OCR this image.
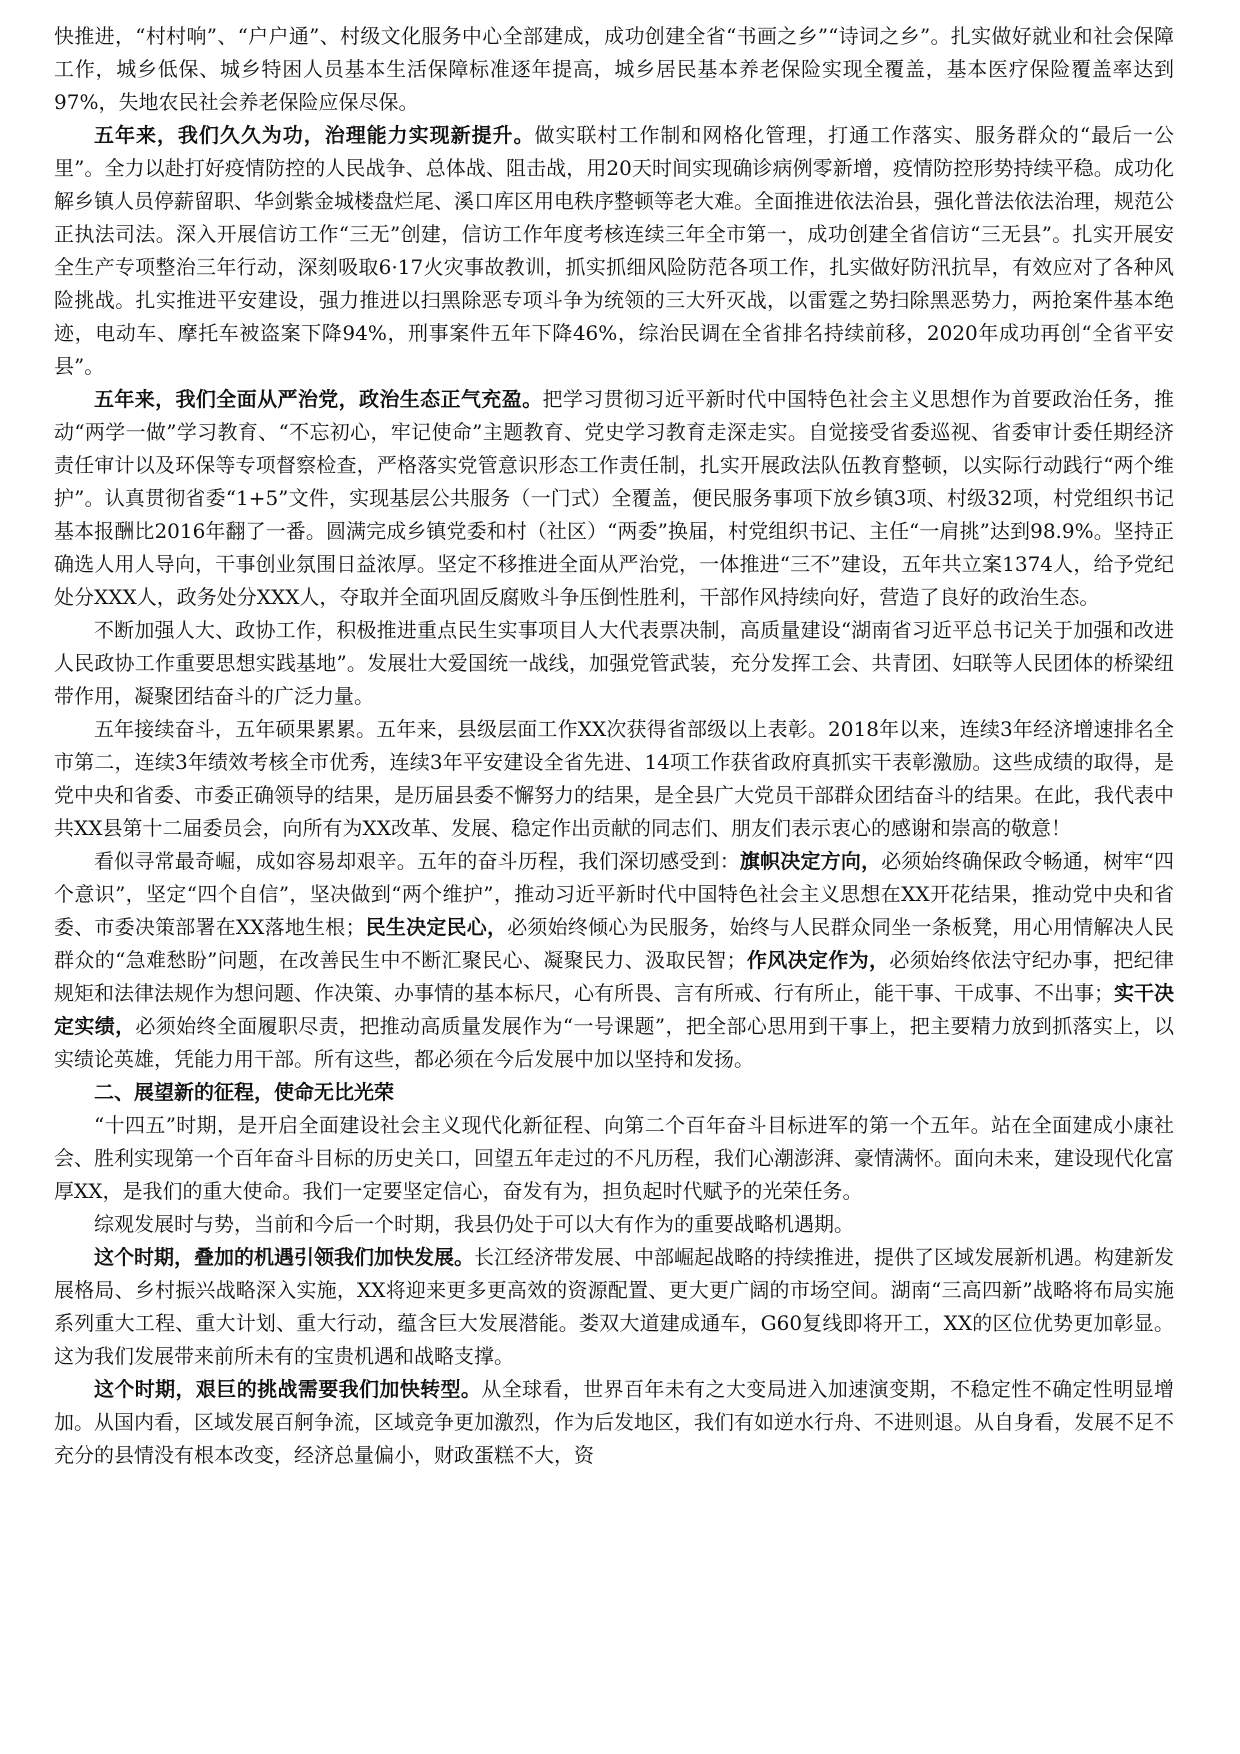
快推进，“村村响”、“户户通”、村级文化服务中心全部建成，成功创建全省“书画之乡”“诗词之乡”。扎实做好就业和社会保障工作，城乡低保、城乡特困人员基本生活保障标准逐年提高，城乡居民基本养老保险实现全覆盖，基本医疗保险覆盖率达到97%，失地农民社会养老保险应保尽保。

五年来，我们久久为功，治理能力实现新提升。做实联村工作制和网格化管理，打通工作落实、服务群众的“最后一公里”。全力以赴打好疫情防控的人民战争、总体战、阻击战，用20天时间实现确诊病例零新增，疫情防控形势持续平稳。成功化解乡镇人员停薪留职、华剑紫金城楼盘烂尾、溪口库区用电秩序整顿等老大难。全面推进依法治县，强化普法依法治理，规范公正执法司法。深入开展信访工作“三无”创建，信访工作年度考核连续三年全市第一，成功创建全省信访“三无县”。扎实开展安全生产专项整治三年行动，深刻吸取6·17火灾事故教训，抓实抓细风险防范各项工作，扎实做好防汛抗旱，有效应对了各种风险挑战。扎实推进平安建设，强力推进以扫黑除恶专项斗争为统领的三大歼灭战，以雷霆之势扫除黑恶势力，两抢案件基本绝迹，电动车、摩托车被盗案下降94%，刑事案件五年下降46%，综治民调在全省排名持续前移，2020年成功再创“全省平安县”。

五年来，我们全面从严治党，政治生态正气充盈。把学习贯彻习近平新时代中国特色社会主义思想作为首要政治任务，推动“两学一做”学习教育、“不忘初心，牢记使命”主题教育、党史学习教育走深走实。自觉接受省委巡视、省委审计委任期经济责任审计以及环保等专项督察检查，严格落实党管意识形态工作责任制，扎实开展政法队伍教育整顿，以实际行动践行“两个维护”。认真贯彻省委“1+5”文件，实现基层公共服务（一门式）全覆盖，便民服务事项下放乡镇3项、村级32项，村党组织书记基本报酬比2016年翻了一番。圆满完成乡镇党委和村（社区）“两委”换届，村党组织书记、主任“一肩挑”达到98.9%。坚持正确选人用人导向，干事创业氛围日益浓厚。坚定不移推进全面从严治党，一体推进“三不”建设，五年共立案1374人，给予党纪处分XXX人，政务处分XXX人，夺取并全面巩固反腐败斗争压倒性胜利，干部作风持续向好，营造了良好的政治生态。

不断加强人大、政协工作，积极推进重点民生实事项目人大代表票决制，高质量建设“湖南省习近平总书记关于加强和改进人民政协工作重要思想实践基地”。发展壮大爱国统一战线，加强党管武装，充分发挥工会、共青团、妇联等人民团体的桥梁纽带作用，凝聚团结奋斗的广泛力量。

五年接续奋斗，五年硕果累累。五年来，县级层面工作XX次获得省部级以上表彰。2018年以来，连续3年经济增速排名全市第二，连续3年绩效考核全市优秀，连续3年平安建设全省先进、14项工作获省政府真抓实干表彰激励。这些成绩的取得，是党中央和省委、市委正确领导的结果，是历届县委不懈努力的结果，是全县广大党员干部群众团结奋斗的结果。在此，我代表中共XX县第十二届委员会，向所有为XX改革、发展、稳定作出贡献的同志们、朋友们表示衷心的感谢和崇高的敬意！

看似寻常最奇崛，成如容易却艰辛。五年的奋斗历程，我们深切感受到：旗帜决定方向，必须始终确保政令畅通，树牢“四个意识”，坚定“四个自信”，坚决做到“两个维护”，推动习近平新时代中国特色社会主义思想在XX开花结果，推动党中央和省委、市委决策部署在XX落地生根；民生决定民心，必须始终倾心为民服务，始终与人民群众同坐一条板凳，用心用情解决人民群众的“急难愁盼”问题，在改善民生中不断汇聚民心、凝聚民力、汲取民智；作风决定作为，必须始终依法守纪办事，把纪律规矩和法律法规作为想问题、作决策、办事情的基本标尺，心有所畏、言有所戒、行有所止，能干事、干成事、不出事；实干决定实绩，必须始终全面履职尽责，把推动高质量发展作为“一号课题”，把全部心思用到干事上，把主要精力放到抓落实上，以实绩论英雄，凭能力用干部。所有这些，都必须在今后发展中加以坚持和发扬。

二、展望新的征程，使命无比光荣

“十四五”时期，是开启全面建设社会主义现代化新征程、向第二个百年奋斗目标进军的第一个五年。站在全面建成小康社会、胜利实现第一个百年奋斗目标的历史关口，回望五年走过的不凡历程，我们心潮澎湃、豪情满怀。面向未来，建设现代化富厚XX，是我们的重大使命。我们一定要坚定信心，奋发有为，担负起时代赋予的光荣任务。

综观发展时与势，当前和今后一个时期，我县仍处于可以大有作为的重要战略机遇期。

这个时期，叠加的机遇引领我们加快发展。长江经济带发展、中部崛起战略的持续推进，提供了区域发展新机遇。构建新发展格局、乡村振兴战略深入实施，XX将迎来更多更高效的资源配置、更大更广阔的市场空间。湖南“三高四新”战略将布局实施系列重大工程、重大计划、重大行动，蕴含巨大发展潜能。娄双大道建成通车，G60复线即将开工，XX的区位优势更加彰显。这为我们发展带来前所未有的宝贵机遇和战略支撑。

这个时期，艰巨的挑战需要我们加快转型。从全球看，世界百年未有之大变局进入加速演变期，不稳定性不确定性明显增加。从国内看，区域发展百舸争流，区域竞争更加激烈，作为后发地区，我们有如逆水行舟、不进则退。从自身看，发展不足不充分的县情没有根本改变，经济总量偏小，财政蛋糕不大，资
